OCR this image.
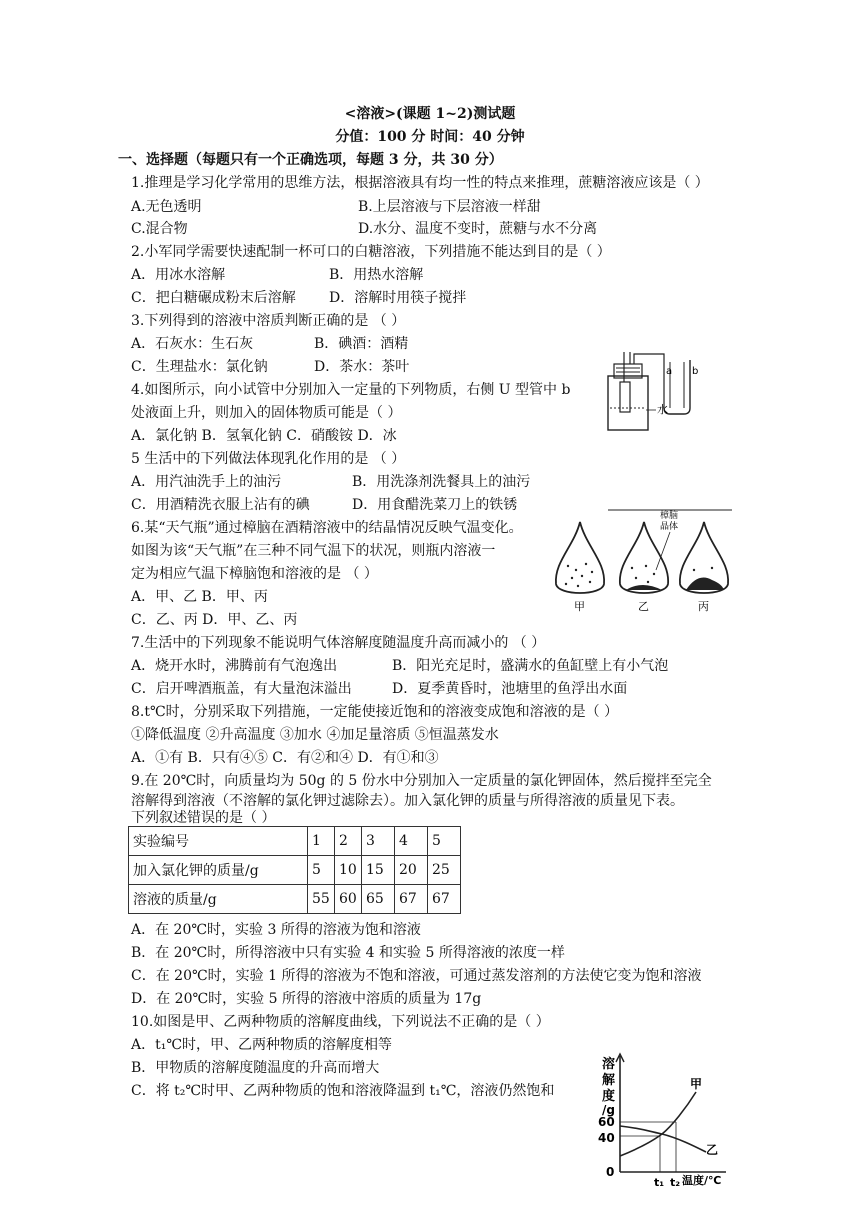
<溶液>(课题 1~2)测试题
分值：100 分 时间：40 分钟
一、选择题（每题只有一个正确选项，每题 3 分，共 30 分）
1.推理是学习化学常用的思维方法，根据溶液具有均一性的特点来推理，蔗糖溶液应该是（ ）
A.无色透明	B.上层溶液与下层溶液一样甜
C.混合物	D.水分、温度不变时，蔗糖与水不分离
2.小军同学需要快速配制一杯可口的白糖溶液，下列措施不能达到目的是（ ）
A．用冰水溶解	B．用热水溶解
C．把白糖碾成粉末后溶解 D．溶解时用筷子搅拌
3.下列得到的溶液中溶质判断正确的是 （ ）
A．石灰水：生石灰	B．碘酒：酒精
C．生理盐水：氯化钠	D．茶水：茶叶
4.如图所示，向小试管中分别加入一定量的下列物质，右侧 U 型管中 b
处液面上升，则加入的固体物质可能是（ ）
A．氯化钠 B．氢氧化钠 C．硝酸铵 D．冰
a b
水
5 生活中的下列做法体现乳化作用的是 （ ）
A．用汽油洗手上的油污	B．用洗涤剂洗餐具上的油污
C．用酒精洗衣服上沾有的碘	D．用食醋洗菜刀上的铁锈
6.某“天气瓶”通过樟脑在酒精溶液中的结晶情况反映气温变化。
如图为该“天气瓶”在三种不同气温下的状况，则瓶内溶液一
定为相应气温下樟脑饱和溶液的是 （ ）
A．甲、乙 B．甲、丙
C．乙、丙 D．甲、乙、丙
樟脑
晶体
甲	乙	丙
7.生活中的下列现象不能说明气体溶解度随温度升高而减小的 （ ）
A．烧开水时，沸腾前有气泡逸出	B．阳光充足时，盛满水的鱼缸壁上有小气泡
C．启开啤酒瓶盖，有大量泡沫溢出	D．夏季黄昏时，池塘里的鱼浮出水面
8.t℃时，分别采取下列措施，一定能使接近饱和的溶液变成饱和溶液的是（ ）
①降低温度 ②升高温度 ③加水 ④加足量溶质 ⑤恒温蒸发水
A．①有 B．只有④⑤ C．有②和④ D．有①和③
9.在 20℃时，向质量均为 50g 的 5 份水中分别加入一定质量的氯化钾固体，然后搅拌至完全
溶解得到溶液（不溶解的氯化钾过滤除去）。加入氯化钾的质量与所得溶液的质量见下表。
下列叙述错误的是（ ）
实验编号	1	2	3	4	5
加入氯化钾的质量/g	5	10	15	20	25
溶液的质量/g	55	60	65	67	67
A．在 20℃时，实验 3 所得的溶液为饱和溶液
B．在 20℃时，所得溶液中只有实验 4 和实验 5 所得溶液的浓度一样
C．在 20℃时，实验 1 所得的溶液为不饱和溶液，可通过蒸发溶剂的方法使它变为饱和溶液
D．在 20℃时，实验 5 所得的溶液中溶质的质量为 17g
10.如图是甲、乙两种物质的溶解度曲线，下列说法不正确的是（ ）
A．t₁℃时，甲、乙两种物质的溶解度相等
B．甲物质的溶解度随温度的升高而增大
C．将 t₂℃时甲、乙两种物质的饱和溶液降温到 t₁℃，溶液仍然饱和
溶
解
度
/g
60
40
0
甲
乙
t₁ t₂ 温度/℃
